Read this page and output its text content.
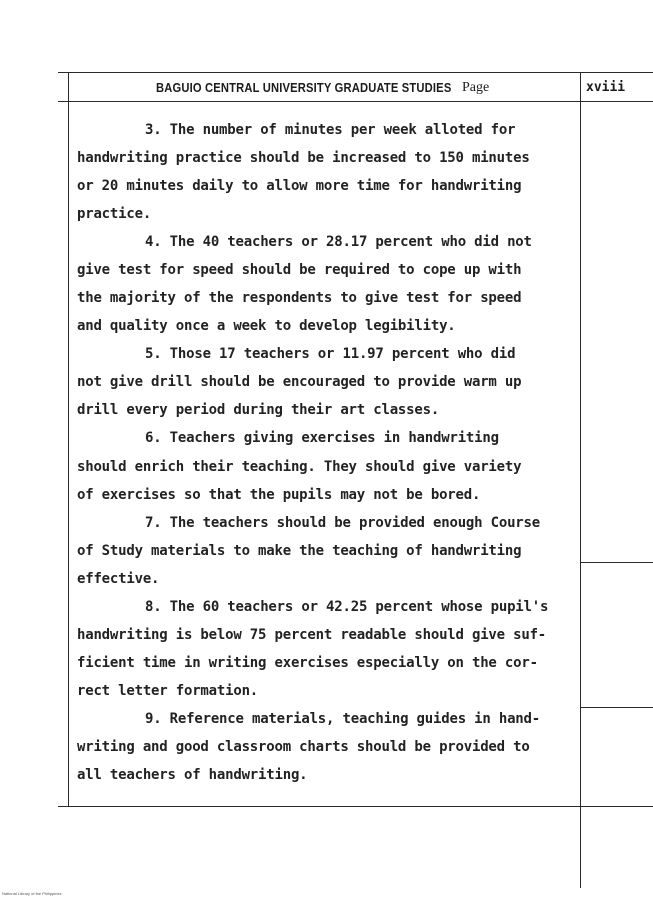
BAGUIO CENTRAL UNIVERSITY GRADUATE STUDIES Page	xviii
3. The number of minutes per week alloted for
handwriting practice should be increased to 150 minutes
or 20 minutes daily to allow more time for handwriting
practice.
4. The 40 teachers or 28.17 percent who did not
give test for speed should be required to cope up with
the majority of the respondents to give test for speed
and quality once a week to develop legibility.
5. Those 17 teachers or 11.97 percent who did
not give drill should be encouraged to provide warm up
drill every period during their art classes.
6. Teachers giving exercises in handwriting
should enrich their teaching. They should give variety
of exercises so that the pupils may not be bored.
7. The teachers should be provided enough Course
of Study materials to make the teaching of handwriting
effective.
8. The 60 teachers or 42.25 percent whose pupil's
handwriting is below 75 percent readable should give suf-
ficient time in writing exercises especially on the cor-
rect letter formation.
9. Reference materials, teaching guides in hand-
writing and good classroom charts should be provided to
all teachers of handwriting.
National Library of the Philippines
